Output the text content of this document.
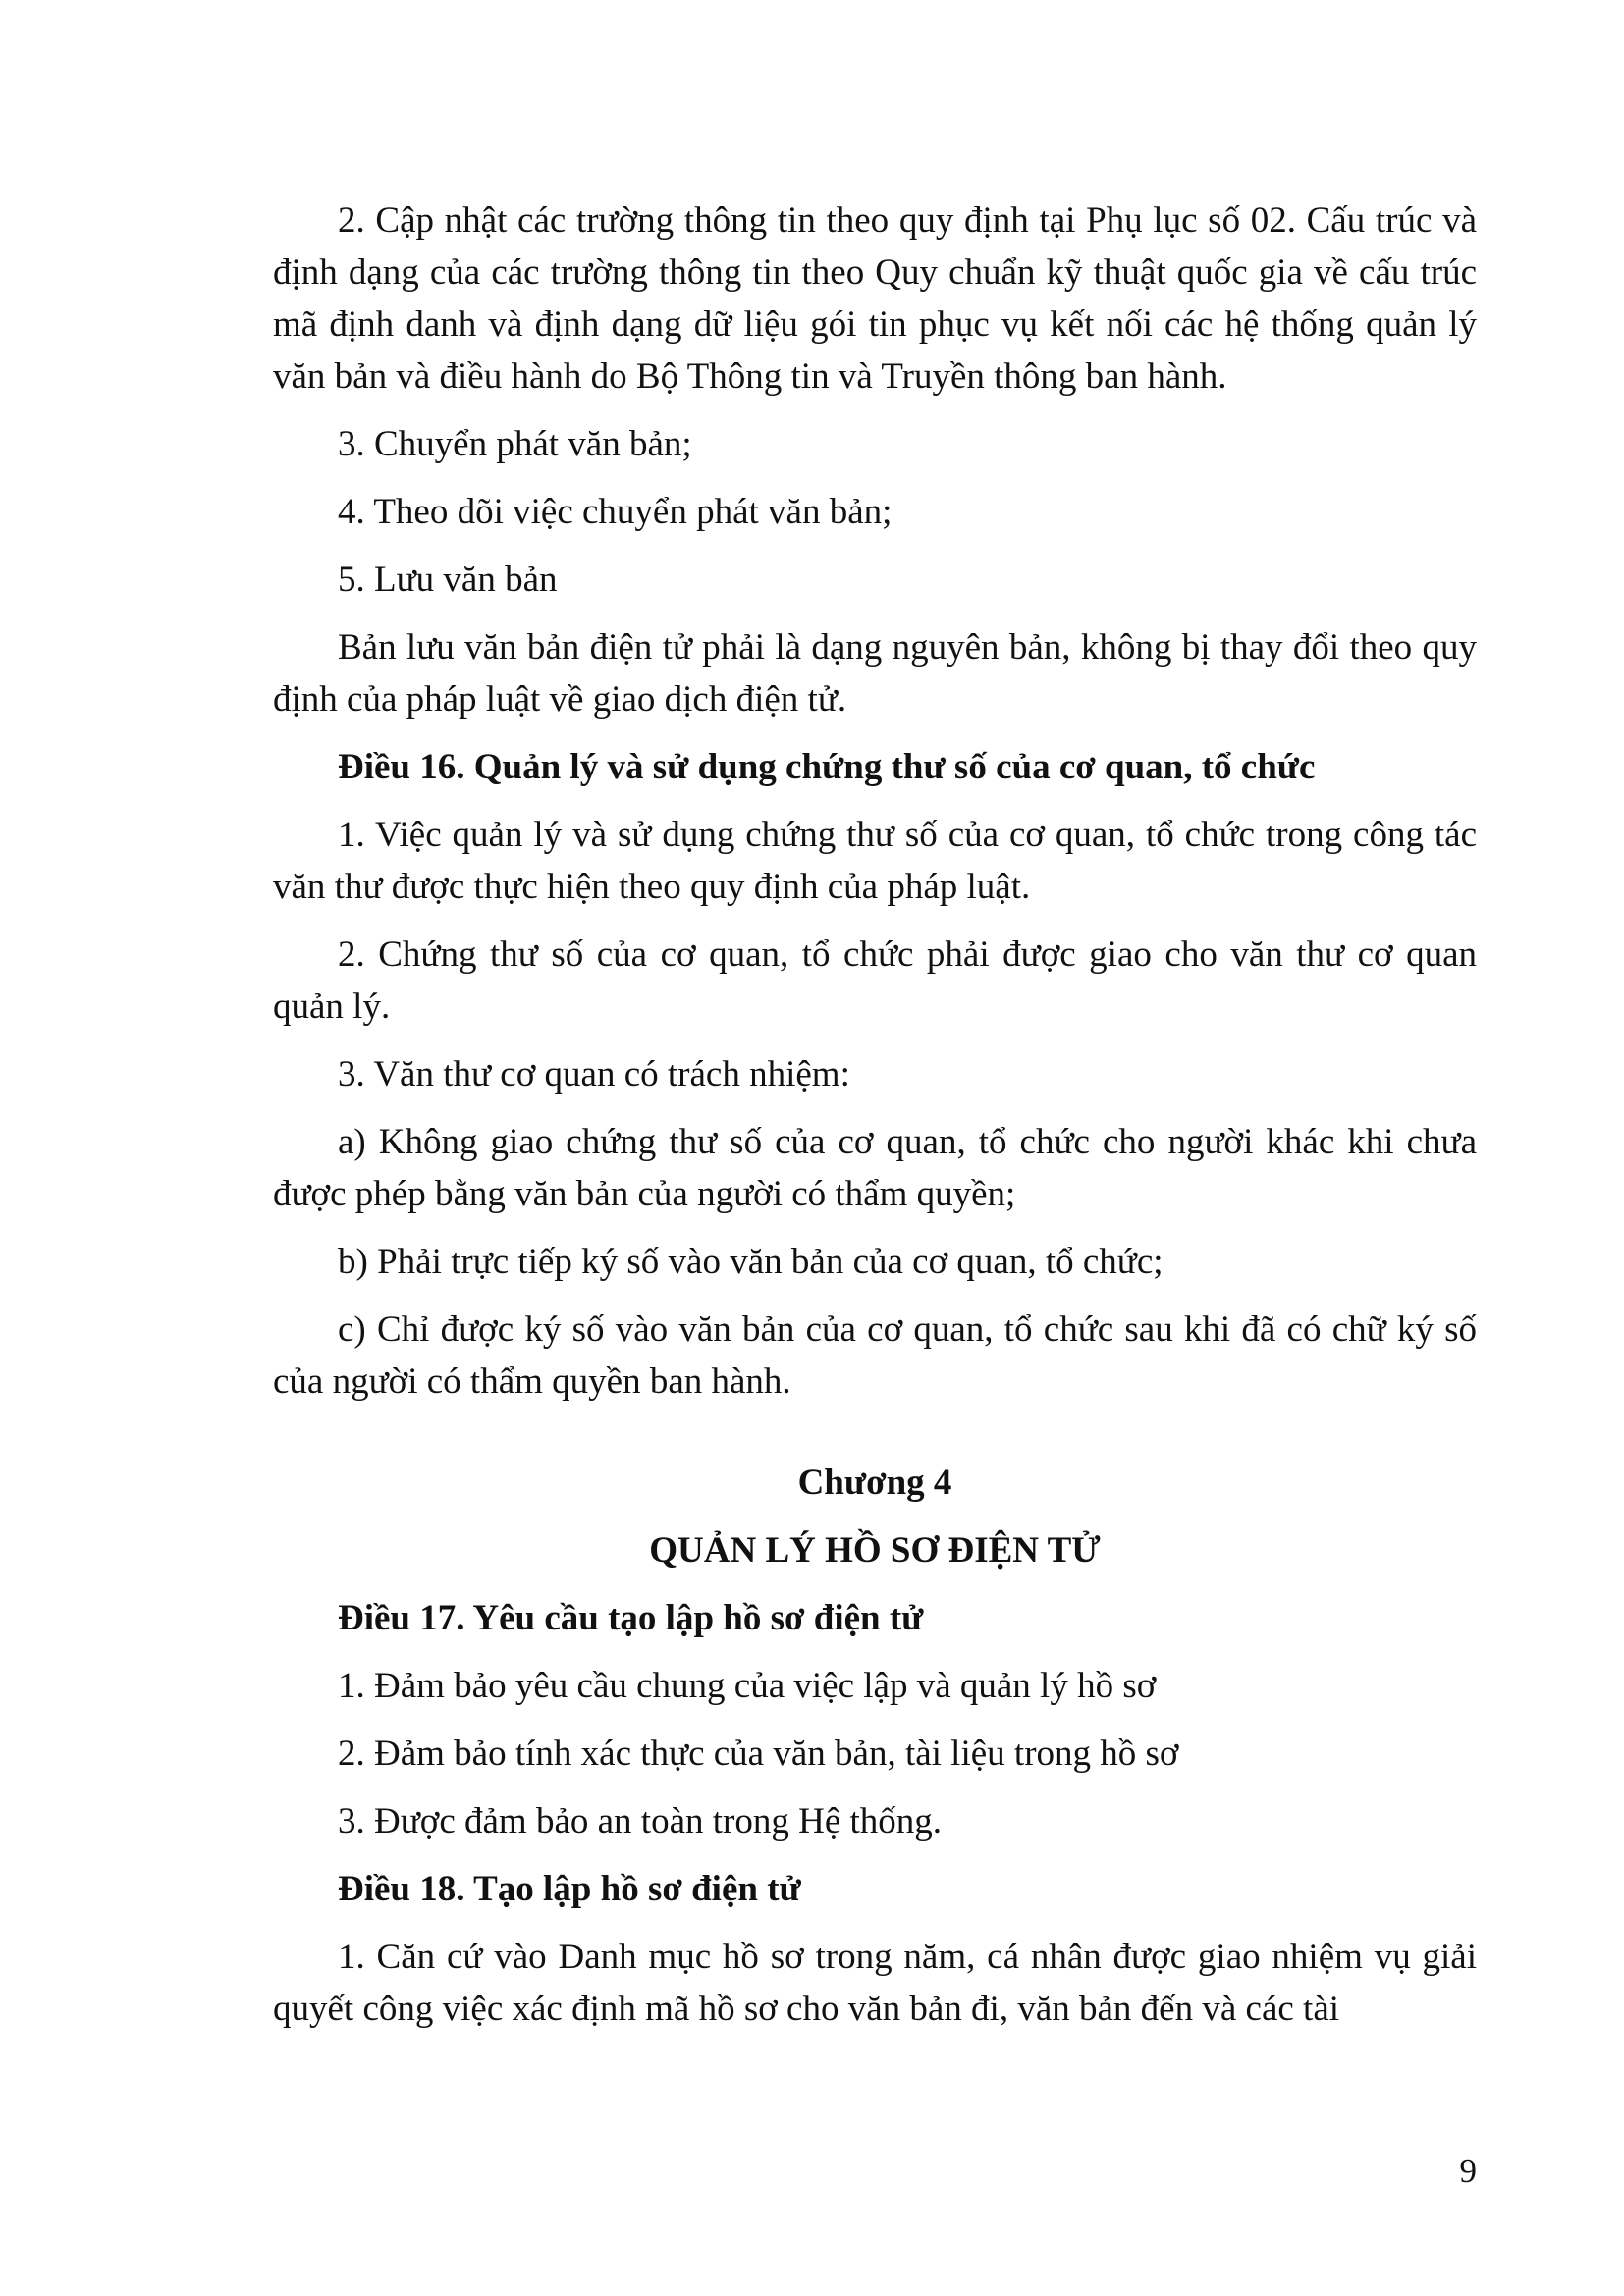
2. Cập nhật các trường thông tin theo quy định tại Phụ lục số 02. Cấu trúc và định dạng của các trường thông tin theo Quy chuẩn kỹ thuật quốc gia về cấu trúc mã định danh và định dạng dữ liệu gói tin phục vụ kết nối các hệ thống quản lý văn bản và điều hành do Bộ Thông tin và Truyền thông ban hành.
3. Chuyển phát văn bản;
4. Theo dõi việc chuyển phát văn bản;
5. Lưu văn bản
Bản lưu văn bản điện tử phải là dạng nguyên bản, không bị thay đổi theo quy định của pháp luật về giao dịch điện tử.
Điều 16. Quản lý và sử dụng chứng thư số của cơ quan, tổ chức
1. Việc quản lý và sử dụng chứng thư số của cơ quan, tổ chức trong công tác văn thư được thực hiện theo quy định của pháp luật.
2. Chứng thư số của cơ quan, tổ chức phải được giao cho văn thư cơ quan quản lý.
3. Văn thư cơ quan có trách nhiệm:
a) Không giao chứng thư số của cơ quan, tổ chức cho người khác khi chưa được phép bằng văn bản của người có thẩm quyền;
b) Phải trực tiếp ký số vào văn bản của cơ quan, tổ chức;
c) Chỉ được ký số vào văn bản của cơ quan, tổ chức sau khi đã có chữ ký số của người có thẩm quyền ban hành.
Chương 4
QUẢN LÝ HỒ SƠ ĐIỆN TỬ
Điều 17. Yêu cầu tạo lập hồ sơ điện tử
1. Đảm bảo yêu cầu chung của việc lập và quản lý hồ sơ
2. Đảm bảo tính xác thực của văn bản, tài liệu trong hồ sơ
3. Được đảm bảo an toàn trong Hệ thống.
Điều 18. Tạo lập hồ sơ điện tử
1. Căn cứ vào Danh mục hồ sơ trong năm, cá nhân được giao nhiệm vụ giải quyết công việc xác định mã hồ sơ cho văn bản đi, văn bản đến và các tài
9
